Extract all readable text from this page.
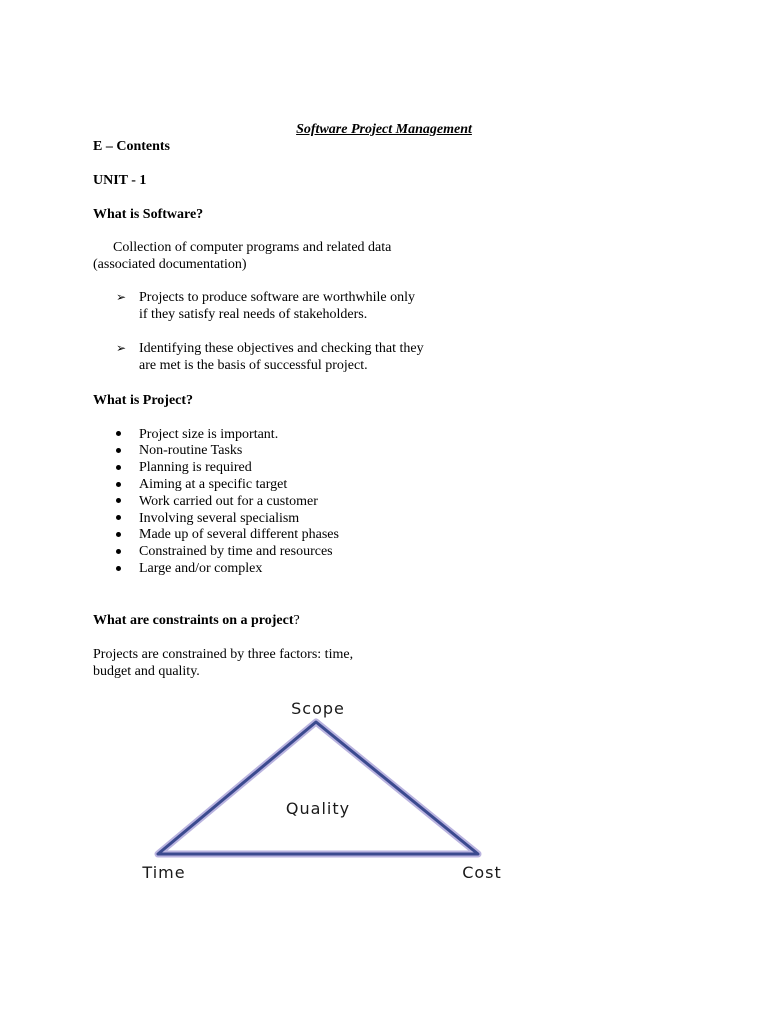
Software Project Management
E – Contents
UNIT - 1
What is Software?
Collection of computer programs and related data
(associated documentation)
➢ Projects to produce software are worthwhile only
if they satisfy real needs of stakeholders.
➢ Identifying these objectives and checking that they
are met is the basis of successful project.
What is Project?
Project size is important.
Non-routine Tasks
Planning is required
Aiming at a specific target
Work carried out for a customer
Involving several specialism
Made up of several different phases
Constrained by time and resources
Large and/or complex
What are constraints on a project?
Projects are constrained by three factors: time,
budget and quality.
Scope
Quality
Time	Cost
